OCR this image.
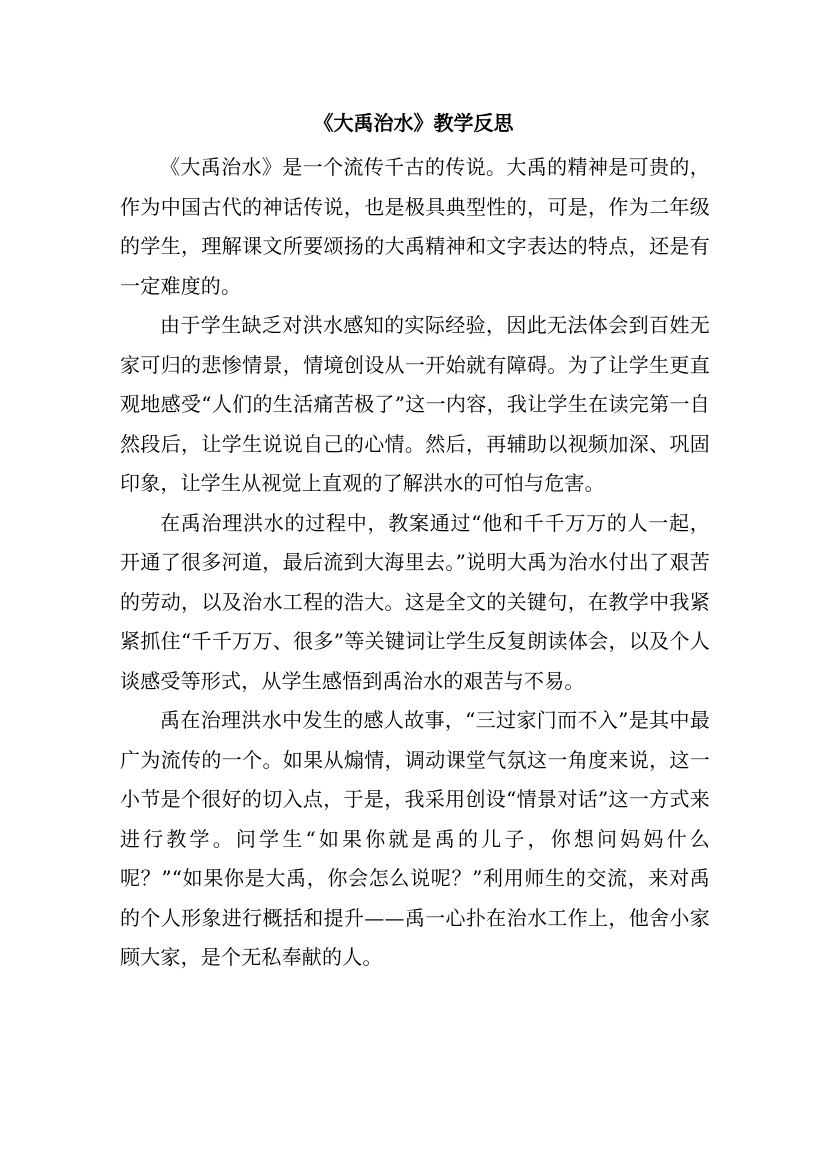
《大禹治水》教学反思

《大禹治水》是一个流传千古的传说。大禹的精神是可贵的，作为中国古代的神话传说，也是极具典型性的，可是，作为二年级的学生，理解课文所要颂扬的大禹精神和文字表达的特点，还是有一定难度的。

由于学生缺乏对洪水感知的实际经验，因此无法体会到百姓无家可归的悲惨情景，情境创设从一开始就有障碍。为了让学生更直观地感受“人们的生活痛苦极了”这一内容，我让学生在读完第一自然段后，让学生说说自己的心情。然后，再辅助以视频加深、巩固印象，让学生从视觉上直观的了解洪水的可怕与危害。

在禹治理洪水的过程中，教案通过“他和千千万万的人一起，开通了很多河道，最后流到大海里去。”说明大禹为治水付出了艰苦的劳动，以及治水工程的浩大。这是全文的关键句，在教学中我紧紧抓住“千千万万、很多”等关键词让学生反复朗读体会，以及个人谈感受等形式，从学生感悟到禹治水的艰苦与不易。

禹在治理洪水中发生的感人故事，“三过家门而不入”是其中最广为流传的一个。如果从煽情，调动课堂气氛这一角度来说，这一小节是个很好的切入点，于是，我采用创设“情景对话”这一方式来进行教学。问学生“如果你就是禹的儿子，你想问妈妈什么呢？”“如果你是大禹，你会怎么说呢？”利用师生的交流，来对禹的个人形象进行概括和提升——禹一心扑在治水工作上，他舍小家顾大家，是个无私奉献的人。
